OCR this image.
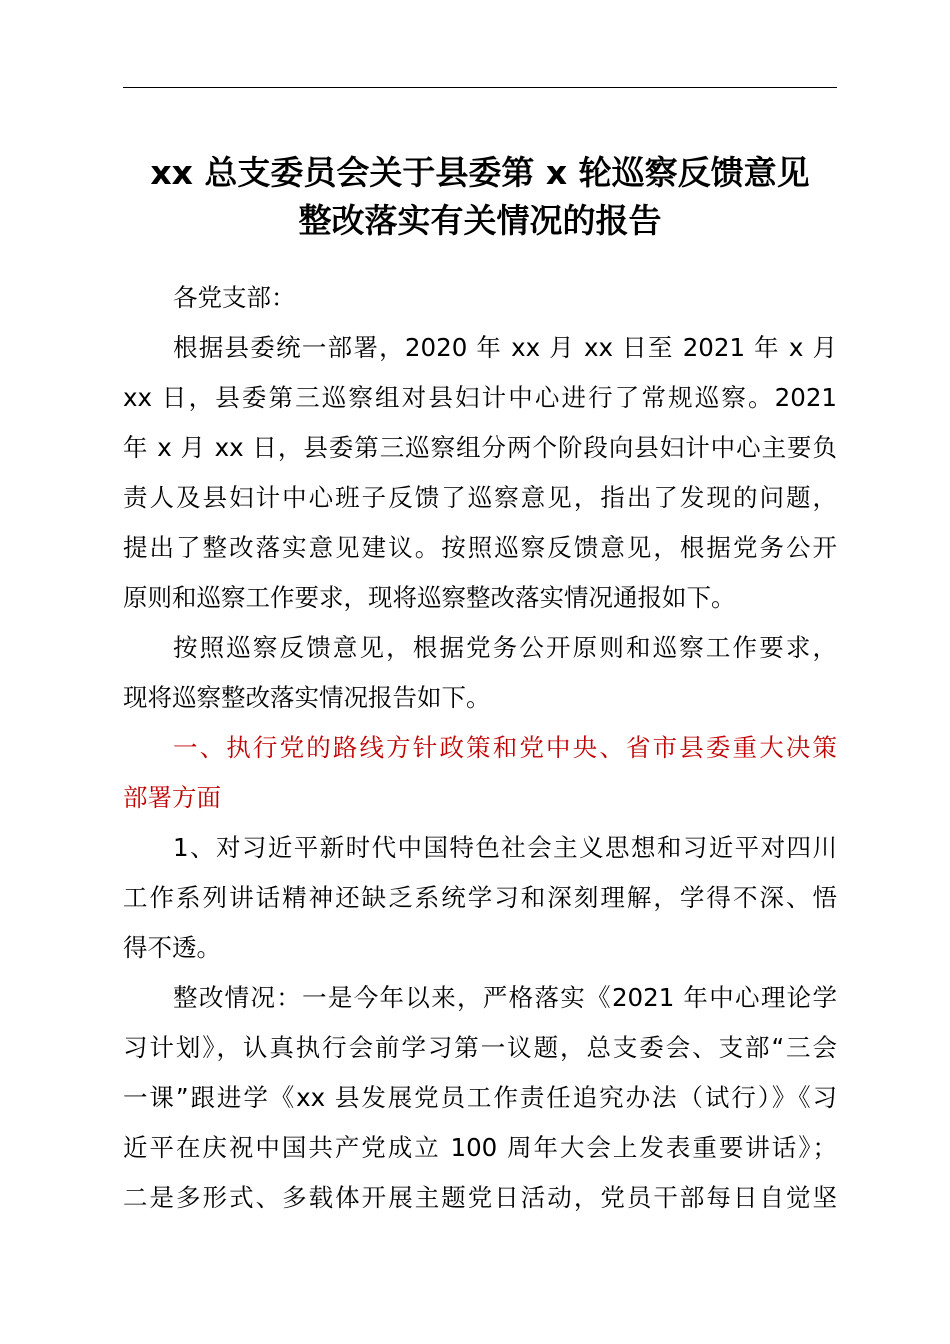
xx 总支委员会关于县委第 x 轮巡察反馈意见
整改落实有关情况的报告
各党支部：
根据县委统一部署，2020 年 xx 月 xx 日至 2021 年 x 月
xx 日，县委第三巡察组对县妇计中心进行了常规巡察。2021
年 x 月 xx 日，县委第三巡察组分两个阶段向县妇计中心主要负
责人及县妇计中心班子反馈了巡察意见，指出了发现的问题，
提出了整改落实意见建议。按照巡察反馈意见，根据党务公开
原则和巡察工作要求，现将巡察整改落实情况通报如下。
按照巡察反馈意见，根据党务公开原则和巡察工作要求，
现将巡察整改落实情况报告如下。
一、执行党的路线方针政策和党中央、省市县委重大决策
部署方面
1、对习近平新时代中国特色社会主义思想和习近平对四川
工作系列讲话精神还缺乏系统学习和深刻理解，学得不深、悟
得不透。
整改情况：一是今年以来，严格落实《2021 年中心理论学
习计划》，认真执行会前学习第一议题，总支委会、支部“三会
一课”跟进学《xx 县发展党员工作责任追究办法（试行）》《习
近平在庆祝中国共产党成立 100 周年大会上发表重要讲话》；
二是多形式、多载体开展主题党日活动，党员干部每日自觉坚
